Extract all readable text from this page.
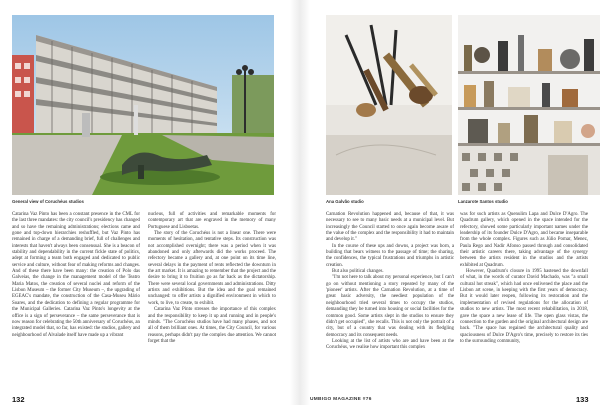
General view of Coruchéus studios

Catarina Vaz Pinto has been a constant presence in the CML for the last three mandates: the city council's presidency has changed and so have the remaining administrations; elections came and gone and top-down hierarchies reshuffled, but Vaz Pinto has remained in charge of a demanding brief, full of challenges and interests that haven't always been consensual. She is a beacon of stability and dependability in the current fickle state of politics, adept at forming a team both engaged and dedicated to public service and culture, without fear of making reforms and changes. And of these there have been many: the creation of Polo das Galveias, the change in the management model of the Teatro Maria Matos, the creation of several nuclei and reform of the Lisbon Museum – the former City Museum –, the upgrading of EGEAC's mandate, the construction of the Casa-Museu Mário Soares, and the dedication to defining a regular programme for the Municipal Galleries. Catarina Vaz Pinto's longevity at the office is a sign of perseverance – the same perseverance that is now reason for celebrating the 50th anniversary of Coruchéus, an integrated model that, so far, has existed: the studios, gallery and neighbourhood of Alvalade itself have made up a vibrant

nucleus, full of activities and remarkable moments for contemporary art that are engraved in the memory of many Portuguese and Lisboetas.

The story of the Coruchéus is not a linear one. There were moments of hesitation, and tentative steps. Its construction was not accomplished overnight; there was a period when it was abandoned and only afterwards did the works proceed. The refectory became a gallery and, at one point on its time line, several delays in the payment of rents reflected the downturn in the art market. It is amazing to remember that the project and the desire to bring it to fruition go as far back as the dictatorship. There were several local governments and administrations. Ditty artists and exhibitions. But the idea and the goal remained unchanged: to offer artists a dignified environment in which to work, to live, to create, to exhibit.

Catarina Vaz Pinto stresses the importance of this complex and the responsibility to keep it up and running and in people's minds. "The Coruchéus studios have had many phases, and not all of them brilliant ones. At times, the City Council, for various reasons, perhaps didn't pay the complex due attention. We cannot forget that the

132
Ana Galvão studio	Lanzarote Santos studio

Carnation Revolution happened and, because of that, it was necessary to see to many basic needs at a municipal level. But increasingly the Council started to once again become aware of the value of the complex and the responsibility it had to maintain and develop it."

In the course of these ups and downs, a project was born, a building that bears witness to the passage of time; the sharing, the confidences, the typical frustrations and triumphs in artistic creation.

But also political changes.

"I'm not here to talk about my personal experience, but I can't go on without mentioning a story repeated by many of the 'pioneer' artists. After the Carnation Revolution, at a time of great basic adversity, the neediest population of the neighbourhood tried several times to occupy the studios, demanding they be turned into housing or social facilities for the common good. Some artists slept in the studios to ensure they didn't get occupied", she recalls. This is not only the portrait of a city, but of a country that was dealing with its fledgling democracy and its consequent needs.

Looking at the list of artists who are and have been at the Coruchéus, we realise how important this complex

was for such artists as Quenulim Lapa and Dulce D'Agro. The Quadrum gallery, which opened in the space intended for the refectory, showed some particularly important names under the leadership of its founder Dulce D'Agro, and became inseparable from the whole complex. Figures such as Júlio Pomar, Menez, Paula Rego and Nadir Afonso passed through and consolidated their artistic careers there, taking advantage of the synergy between the artists resident in the studios and the artists exhibited at Quadrum.

However, Quadrum's closure in 1995 hastened the downfall of what, in the words of curator David Machado, was "a small cultural hot streak", which had once enlivened the place and the Lisbon art scene, in keeping with the first years of democracy. But it would later reopen, following its restoration and the implementation of revised regulations for the allocation of studios to new artists. The most recent rehabilitation, in 2018, gave the space a new lease of life. The open glass vistas, the connection to the garden and the original architectural design are back. "The space has regained the architectural quality and spaciousness of Dulce D'Agro's time, precisely to restore its ties to the surrounding community,

UMBIGO MAGAZINE #76	133
